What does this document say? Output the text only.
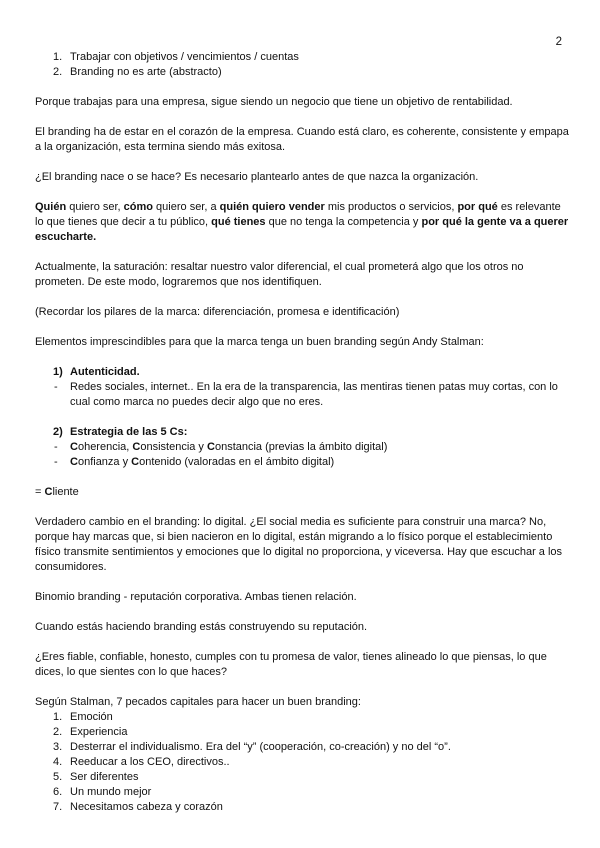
2
1. Trabajar con objetivos / vencimientos / cuentas
2. Branding no es arte (abstracto)

Porque trabajas para una empresa, sigue siendo un negocio que tiene un objetivo de rentabilidad.

El branding ha de estar en el corazón de la empresa. Cuando está claro, es coherente, consistente y empapa a la organización, esta termina siendo más exitosa.

¿El branding nace o se hace? Es necesario plantearlo antes de que nazca la organización.

Quién quiero ser, cómo quiero ser, a quién quiero vender mis productos o servicios, por qué es relevante lo que tienes que decir a tu público, qué tienes que no tenga la competencia y por qué la gente va a querer escucharte.

Actualmente, la saturación: resaltar nuestro valor diferencial, el cual prometerá algo que los otros no prometen. De este modo, lograremos que nos identifiquen.

(Recordar los pilares de la marca: diferenciación, promesa e identificación)

Elementos imprescindibles para que la marca tenga un buen branding según Andy Stalman:

1) Autenticidad.
- Redes sociales, internet.. En la era de la transparencia, las mentiras tienen patas muy cortas, con lo cual como marca no puedes decir algo que no eres.
2) Estrategia de las 5 Cs:
- Coherencia, Consistencia y Constancia (previas la ámbito digital)
- Confianza y Contenido (valoradas en el ámbito digital)

= Cliente

Verdadero cambio en el branding: lo digital. ¿El social media es suficiente para construir una marca? No, porque hay marcas que, si bien nacieron en lo digital, están migrando a lo físico porque el establecimiento físico transmite sentimientos y emociones que lo digital no proporciona, y viceversa. Hay que escuchar a los consumidores.

Binomio branding - reputación corporativa. Ambas tienen relación.

Cuando estás haciendo branding estás construyendo su reputación.

¿Eres fiable, confiable, honesto, cumples con tu promesa de valor, tienes alineado lo que piensas, lo que dices, lo que sientes con lo que haces?

Según Stalman, 7 pecados capitales para hacer un buen branding:

1. Emoción
2. Experiencia
3. Desterrar el individualismo. Era del “y” (cooperación, co-creación) y no del “o”.
4. Reeducar a los CEO, directivos..
5. Ser diferentes
6. Un mundo mejor
7. Necesitamos cabeza y corazón
